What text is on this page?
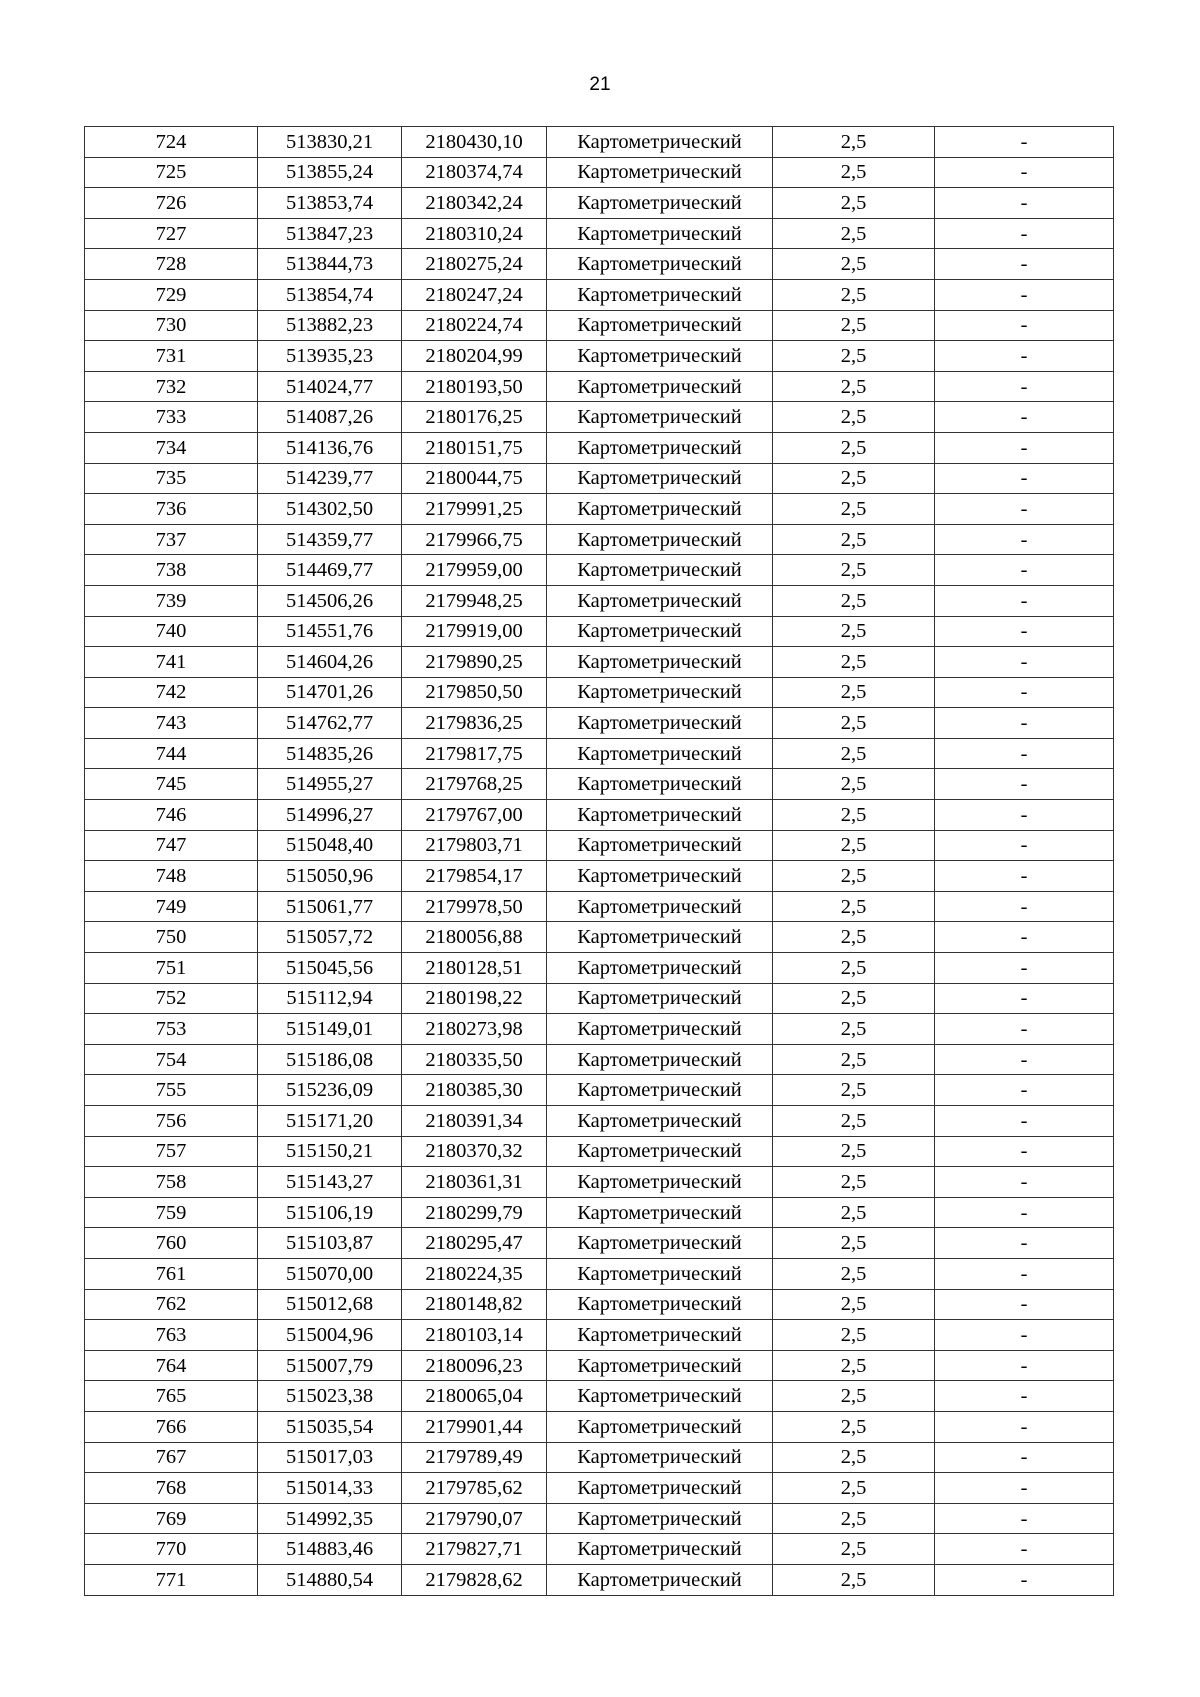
21
724	513830,21	2180430,10	Картометрический	2,5	-
725	513855,24	2180374,74	Картометрический	2,5	-
726	513853,74	2180342,24	Картометрический	2,5	-
727	513847,23	2180310,24	Картометрический	2,5	-
728	513844,73	2180275,24	Картометрический	2,5	-
729	513854,74	2180247,24	Картометрический	2,5	-
730	513882,23	2180224,74	Картометрический	2,5	-
731	513935,23	2180204,99	Картометрический	2,5	-
732	514024,77	2180193,50	Картометрический	2,5	-
733	514087,26	2180176,25	Картометрический	2,5	-
734	514136,76	2180151,75	Картометрический	2,5	-
735	514239,77	2180044,75	Картометрический	2,5	-
736	514302,50	2179991,25	Картометрический	2,5	-
737	514359,77	2179966,75	Картометрический	2,5	-
738	514469,77	2179959,00	Картометрический	2,5	-
739	514506,26	2179948,25	Картометрический	2,5	-
740	514551,76	2179919,00	Картометрический	2,5	-
741	514604,26	2179890,25	Картометрический	2,5	-
742	514701,26	2179850,50	Картометрический	2,5	-
743	514762,77	2179836,25	Картометрический	2,5	-
744	514835,26	2179817,75	Картометрический	2,5	-
745	514955,27	2179768,25	Картометрический	2,5	-
746	514996,27	2179767,00	Картометрический	2,5	-
747	515048,40	2179803,71	Картометрический	2,5	-
748	515050,96	2179854,17	Картометрический	2,5	-
749	515061,77	2179978,50	Картометрический	2,5	-
750	515057,72	2180056,88	Картометрический	2,5	-
751	515045,56	2180128,51	Картометрический	2,5	-
752	515112,94	2180198,22	Картометрический	2,5	-
753	515149,01	2180273,98	Картометрический	2,5	-
754	515186,08	2180335,50	Картометрический	2,5	-
755	515236,09	2180385,30	Картометрический	2,5	-
756	515171,20	2180391,34	Картометрический	2,5	-
757	515150,21	2180370,32	Картометрический	2,5	-
758	515143,27	2180361,31	Картометрический	2,5	-
759	515106,19	2180299,79	Картометрический	2,5	-
760	515103,87	2180295,47	Картометрический	2,5	-
761	515070,00	2180224,35	Картометрический	2,5	-
762	515012,68	2180148,82	Картометрический	2,5	-
763	515004,96	2180103,14	Картометрический	2,5	-
764	515007,79	2180096,23	Картометрический	2,5	-
765	515023,38	2180065,04	Картометрический	2,5	-
766	515035,54	2179901,44	Картометрический	2,5	-
767	515017,03	2179789,49	Картометрический	2,5	-
768	515014,33	2179785,62	Картометрический	2,5	-
769	514992,35	2179790,07	Картометрический	2,5	-
770	514883,46	2179827,71	Картометрический	2,5	-
771	514880,54	2179828,62	Картометрический	2,5	-
